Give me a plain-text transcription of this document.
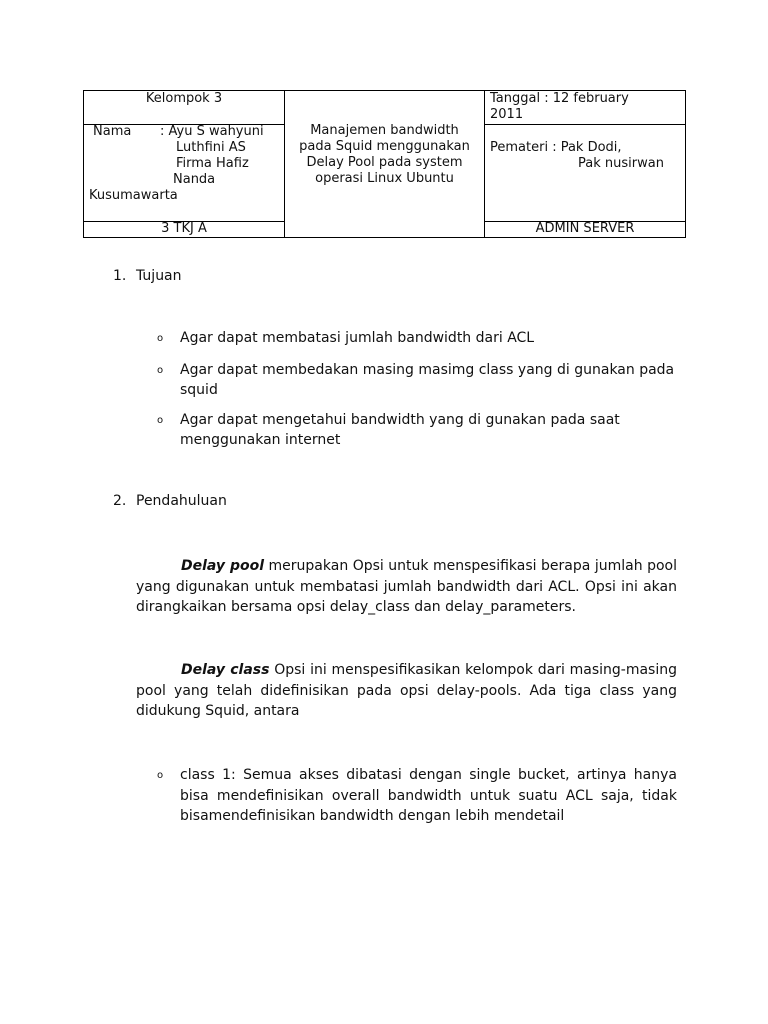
Kelompok 3
Nama : Ayu S wahyuni
Luthfini AS
Firma Hafiz
Nanda
Kusumawarta
3 TKJ A
Manajemen bandwidth
pada Squid menggunakan
Delay Pool pada system
operasi Linux Ubuntu
Tanggal : 12 february
2011
Pemateri : Pak Dodi,
Pak nusirwan
ADMIN SERVER
1. Tujuan
o Agar dapat membatasi jumlah bandwidth dari ACL
o Agar dapat membedakan masing masimg class yang di gunakan pada
squid
o Agar dapat mengetahui bandwidth yang di gunakan pada saat
menggunakan internet
2. Pendahuluan
Delay pool merupakan Opsi untuk menspesifikasi berapa jumlah pool yang digunakan untuk membatasi jumlah bandwidth dari ACL. Opsi ini akan dirangkaikan bersama opsi delay_class dan delay_parameters.
Delay class Opsi ini menspesifikasikan kelompok dari masing-masing pool yang telah didefinisikan pada opsi delay-pools. Ada tiga class yang didukung Squid, antara
o class 1: Semua akses dibatasi dengan single bucket, artinya hanya bisa mendefinisikan overall bandwidth untuk suatu ACL saja, tidak bisamendefinisikan bandwidth dengan lebih mendetail
